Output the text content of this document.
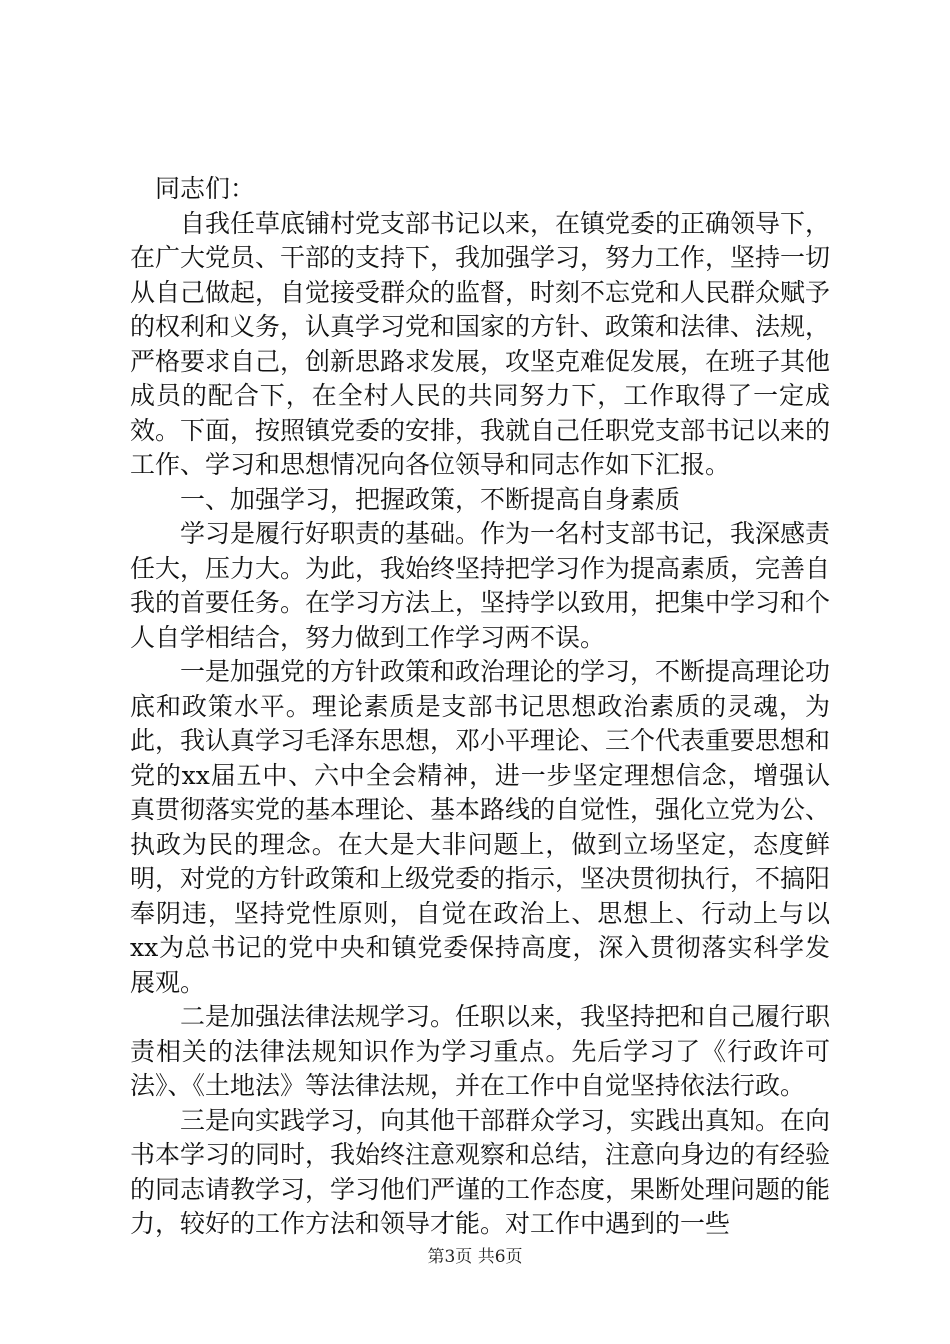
同志们：

自我任草底铺村党支部书记以来，在镇党委的正确领导下，在广大党员、干部的支持下，我加强学习，努力工作，坚持一切从自己做起，自觉接受群众的监督，时刻不忘党和人民群众赋予的权利和义务，认真学习党和国家的方针、政策和法律、法规，严格要求自己，创新思路求发展，攻坚克难促发展，在班子其他成员的配合下，在全村人民的共同努力下，工作取得了一定成效。下面，按照镇党委的安排，我就自己任职党支部书记以来的工作、学习和思想情况向各位领导和同志作如下汇报。

一、加强学习，把握政策，不断提高自身素质

学习是履行好职责的基础。作为一名村支部书记，我深感责任大，压力大。为此，我始终坚持把学习作为提高素质，完善自我的首要任务。在学习方法上，坚持学以致用，把集中学习和个人自学相结合，努力做到工作学习两不误。

一是加强党的方针政策和政治理论的学习，不断提高理论功底和政策水平。理论素质是支部书记思想政治素质的灵魂，为此，我认真学习毛泽东思想，邓小平理论、三个代表重要思想和党的xx届五中、六中全会精神，进一步坚定理想信念，增强认真贯彻落实党的基本理论、基本路线的自觉性，强化立党为公、执政为民的理念。在大是大非问题上，做到立场坚定，态度鲜明，对党的方针政策和上级党委的指示，坚决贯彻执行，不搞阳奉阴违，坚持党性原则，自觉在政治上、思想上、行动上与以xx为总书记的党中央和镇党委保持高度，深入贯彻落实科学发展观。

二是加强法律法规学习。任职以来，我坚持把和自己履行职责相关的法律法规知识作为学习重点。先后学习了《行政许可法》、《土地法》等法律法规，并在工作中自觉坚持依法行政。

三是向实践学习，向其他干部群众学习，实践出真知。在向书本学习的同时，我始终注意观察和总结，注意向身边的有经验的同志请教学习，学习他们严谨的工作态度，果断处理问题的能力，较好的工作方法和领导才能。对工作中遇到的一些

第3页 共6页
